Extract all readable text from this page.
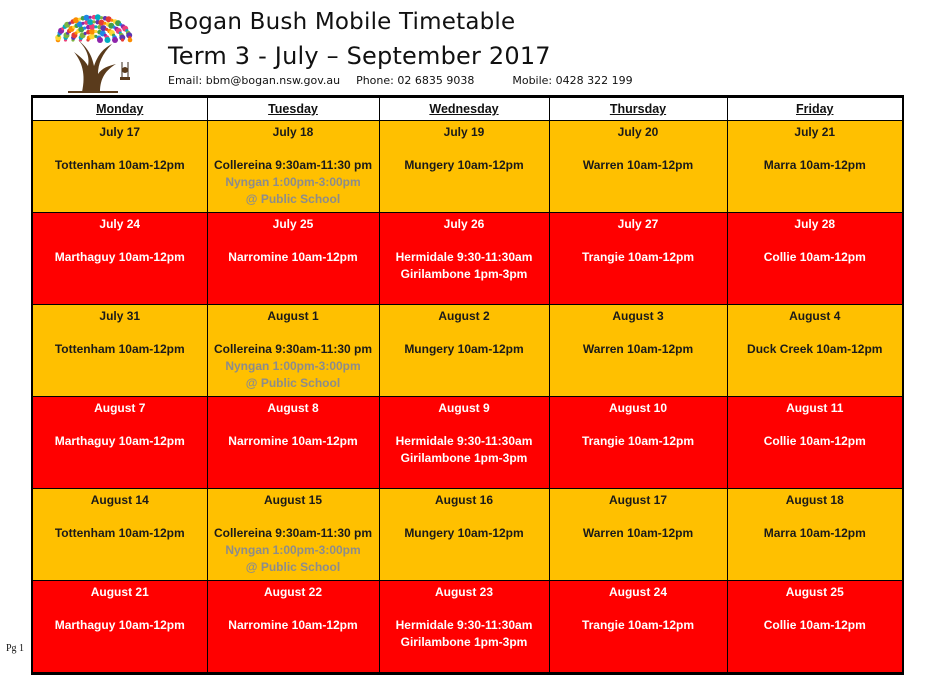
Bogan Bush Mobile Timetable
Term 3 - July – September 2017
Email: bbm@bogan.nsw.gov.au Phone: 02 6835 9038	Mobile: 0428 322 199
Monday	Tuesday	Wednesday	Thursday	Friday

July 17
Tottenham 10am-12pm	July 18
Collereina 9:30am-11:30 pm
Nyngan 1:00pm-3:00pm
@ Public School	July 19
Mungery 10am-12pm	July 20
Warren 10am-12pm	July 21
Marra 10am-12pm

July 24
Marthaguy 10am-12pm	July 25
Narromine 10am-12pm	July 26
Hermidale 9:30-11:30am
Girilambone 1pm-3pm	July 27
Trangie 10am-12pm	July 28
Collie 10am-12pm

July 31
Tottenham 10am-12pm	August 1
Collereina 9:30am-11:30 pm
Nyngan 1:00pm-3:00pm
@ Public School	August 2
Mungery 10am-12pm	August 3
Warren 10am-12pm	August 4
Duck Creek 10am-12pm

August 7
Marthaguy 10am-12pm	August 8
Narromine 10am-12pm	August 9
Hermidale 9:30-11:30am
Girilambone 1pm-3pm	August 10
Trangie 10am-12pm	August 11
Collie 10am-12pm

August 14
Tottenham 10am-12pm	August 15
Collereina 9:30am-11:30 pm
Nyngan 1:00pm-3:00pm
@ Public School	August 16
Mungery 10am-12pm	August 17
Warren 10am-12pm	August 18
Marra 10am-12pm

August 21
Marthaguy 10am-12pm	August 22
Narromine 10am-12pm	August 23
Hermidale 9:30-11:30am
Girilambone 1pm-3pm	August 24
Trangie 10am-12pm	August 25
Collie 10am-12pm
Pg 1
